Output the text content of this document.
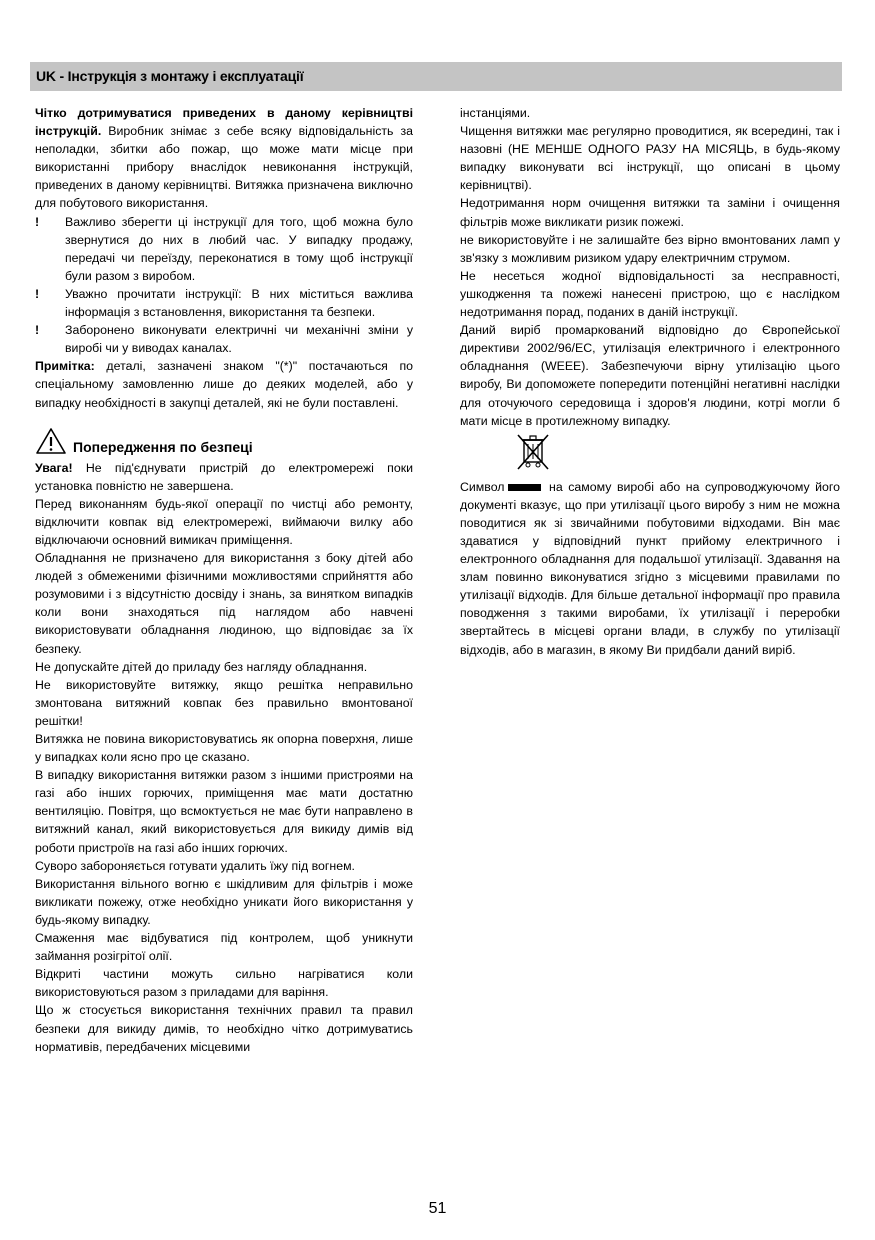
UK - Інструкція з монтажу і експлуатації

Чітко дотримуватися приведених в даному керівництві інструкцій. Виробник знімає з себе всяку відповідальність за неполадки, збитки або пожар, що може мати місце при використанні прибору внаслідок невиконання інструкцій, приведених в даному керівництві. Витяжка призначена виключно для побутового використання.

! Важливо зберегти ці інструкції для того, щоб можна було звернутися до них в любий час. У випадку продажу, передачі чи переїзду, переконатися в тому щоб інструкції були разом з виробом.

! Уважно прочитати інструкції: В них міститься важлива інформація з встановлення, використання та безпеки.

! Заборонено виконувати електричні чи механічні зміни у виробі чи у виводах каналах.

Примітка: деталі, зазначені знаком "(*)" постачаються по спеціальному замовленню лише до деяких моделей, або у випадку необхідності в закупці деталей, які не були поставлені.

Попередження по безпеці

Увага! Не під'єднувати пристрій до електромережі поки установка повністю не завершена.

Перед виконанням будь-якої операції по чистці або ремонту, відключити ковпак від електромережі, виймаючи вилку або відключаючи основний вимикач приміщення.

Обладнання не призначено для використання з боку дітей або людей з обмеженими фізичними можливостями сприйняття або розумовими і з відсутністю досвіду і знань, за винятком випадків коли вони знаходяться під наглядом або навчені використовувати обладнання людиною, що відповідає за їх безпеку.

Не допускайте дітей до приладу без нагляду обладнання.

Не використовуйте витяжку, якщо решітка неправильно змонтована витяжний ковпак без правильно вмонтованої решітки!

Витяжка не повина використовуватись як опорна поверхня, лише у випадках коли ясно про це сказано.

В випадку використання витяжки разом з іншими пристроями на газі або інших горючих, приміщення має мати достатню вентиляцію. Повітря, що всмоктується не має бути направлено в витяжний канал, який використовується для викиду димів від роботи пристроїв на газі або інших горючих.

Суворо забороняється готувати удалить їжу під вогнем.

Використання вільного вогню є шкідливим для фільтрів і може викликати пожежу, отже необхідно уникати його використання у будь-якому випадку.

Смаження має відбуватися під контролем, щоб уникнути займання розігрітої олії.

Відкриті частини можуть сильно нагріватися коли використовуються разом з приладами для варіння.

Що ж стосується використання технічних правил та правил безпеки для викиду димів, то необхідно чітко дотримуватись нормативів, передбачених місцевими

інстанціями.

Чищення витяжки має регулярно проводитися, як всередині, так і назовні (НЕ МЕНШЕ ОДНОГО РАЗУ НА МІСЯЦЬ, в будь-якому випадку виконувати всі інструкції, що описані в цьому керівництві).

Недотримання норм очищення витяжки та заміни і очищення фільтрів може викликати ризик пожежі.

не використовуйте і не залишайте без вірно вмонтованих ламп у зв'язку з можливим ризиком удару електричним струмом.

Не несеться жодної відповідальності за несправності, ушкодження та пожежі нанесені пристрою, що є наслідком недотримання порад, поданих в даній інструкції.

Даний виріб промаркований відповідно до Європейської директиви 2002/96/ЕС, утилізація електричного і електронного обладнання (WEEE). Забезпечуючи вірну утилізацію цього виробу, Ви допоможете попередити потенційні негативні наслідки для оточуючого середовища і здоров'я людини, котрі могли б мати місце в протилежному випадку.

Символ	на самому виробі або на супроводжуючому його документі вказує, що при утилізації цього виробу з ним не можна поводитися як зі звичайними побутовими відходами. Він має здаватися у відповідний пункт прийому електричного і електронного обладнання для подальшої утилізації. Здавання на злам повинно виконуватися згідно з місцевими правилами по утилізації відходів. Для більше детальної інформації про правила поводження з такими виробами, їх утилізації і переробки звертайтесь в місцеві органи влади, в службу по утилізації відходів, або в магазин, в якому Ви придбали даний виріб.

51
